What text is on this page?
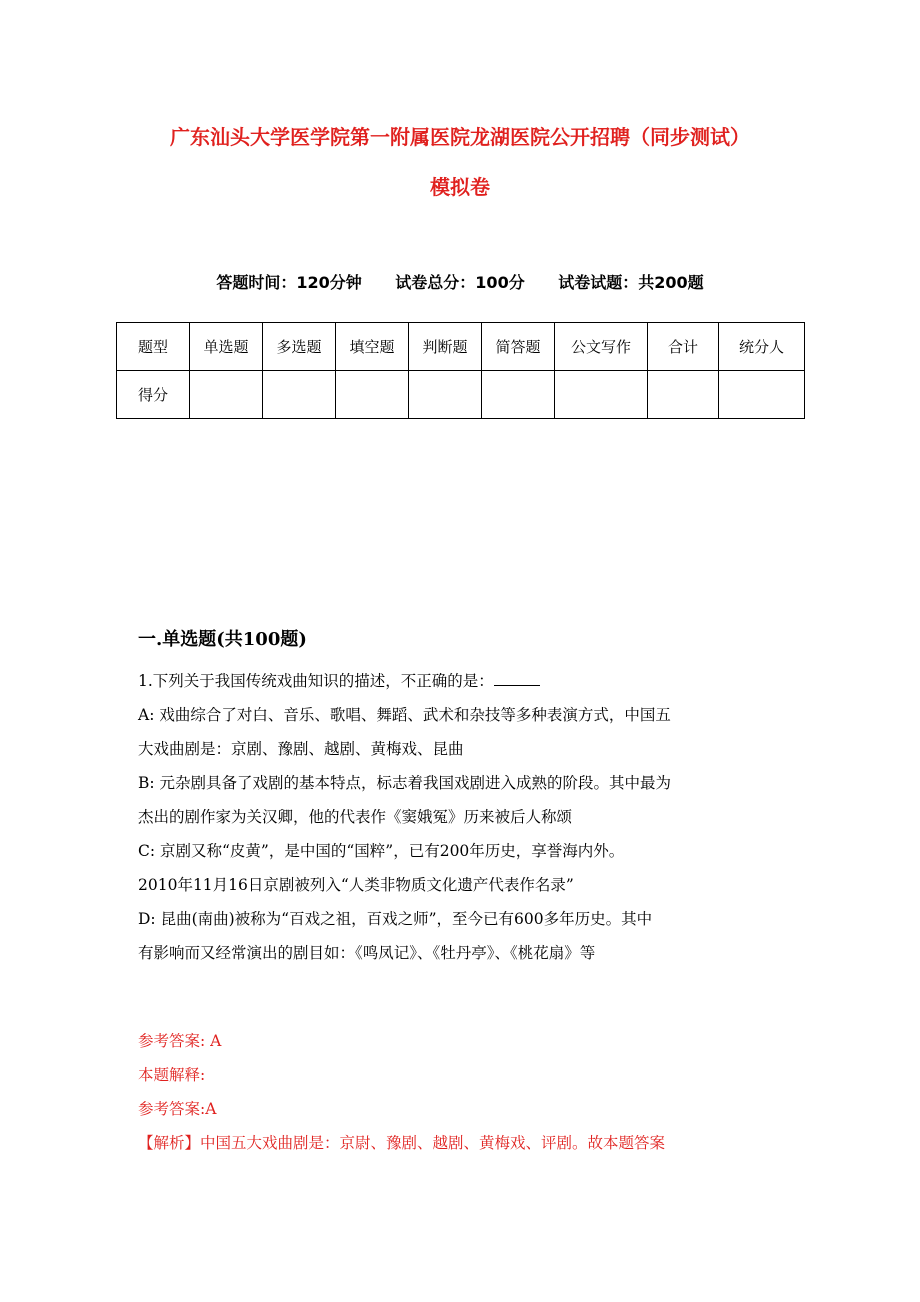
广东汕头大学医学院第一附属医院龙湖医院公开招聘（同步测试）
模拟卷
答题时间：120分钟 试卷总分：100分 试卷试题：共200题
题型	单选题	多选题	填空题	判断题	简答题	公文写作	合计	统分人
得分								
一.单选题(共100题)
1.下列关于我国传统戏曲知识的描述，不正确的是：
A: 戏曲综合了对白、音乐、歌唱、舞蹈、武术和杂技等多种表演方式，中国五
大戏曲剧是：京剧、豫剧、越剧、黄梅戏、昆曲
B: 元杂剧具备了戏剧的基本特点，标志着我国戏剧进入成熟的阶段。其中最为
杰出的剧作家为关汉卿，他的代表作《窦娥冤》历来被后人称颂
C: 京剧又称“皮黄”，是中国的“国粹”，已有200年历史，享誉海内外。
2010年11月16日京剧被列入“人类非物质文化遗产代表作名录”
D: 昆曲(南曲)被称为“百戏之祖，百戏之师”，至今已有600多年历史。其中
有影响而又经常演出的剧目如：《鸣凤记》、《牡丹亭》、《桃花扇》等
参考答案: A
本题解释:
参考答案:A
【解析】中国五大戏曲剧是：京尉、豫剧、越剧、黄梅戏、评剧。故本题答案
